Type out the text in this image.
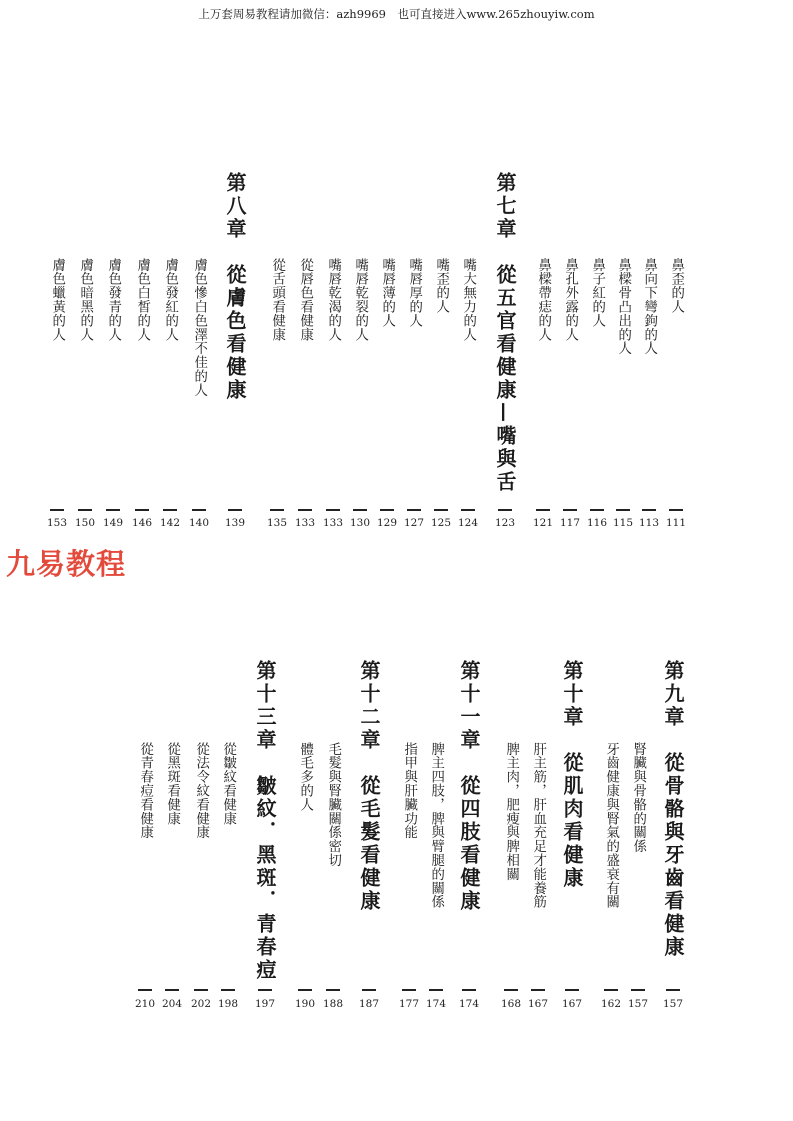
上万套周易教程请加微信：azh9969　也可直接进入www.265zhouyiw.com
九易教程
鼻歪的人
111
鼻向下彎鉤的人
113
鼻樑骨凸出的人
115
鼻子紅的人
116
鼻孔外露的人
117
鼻樑帶痣的人
121
第七章　從五官看健康—嘴與舌
123
嘴大無力的人
124
嘴歪的人
125
嘴唇厚的人
127
嘴唇薄的人
129
嘴唇乾裂的人
130
嘴唇乾渴的人
133
從唇色看健康
133
從舌頭看健康
135
第八章　從膚色看健康
139
膚色慘白色澤不佳的人
140
膚色發紅的人
142
膚色白皙的人
146
膚色發青的人
149
膚色暗黑的人
150
膚色蠟黃的人
153
第九章　從骨骼與牙齒看健康
157
腎臟與骨骼的關係
157
牙齒健康與腎氣的盛衰有關
162
第十章　從肌肉看健康
167
肝主筋，肝血充足才能養筋
167
脾主肉，肥瘦與脾相關
168
第十一章　從四肢看健康
174
脾主四肢，脾與臂腿的關係
174
指甲與肝臟功能
177
第十二章　從毛髮看健康
187
毛髮與腎臟關係密切
188
體毛多的人
190
第十三章　皺紋．黑斑．青春痘
197
從皺紋看健康
198
從法令紋看健康
202
從黑斑看健康
204
從青春痘看健康
210
